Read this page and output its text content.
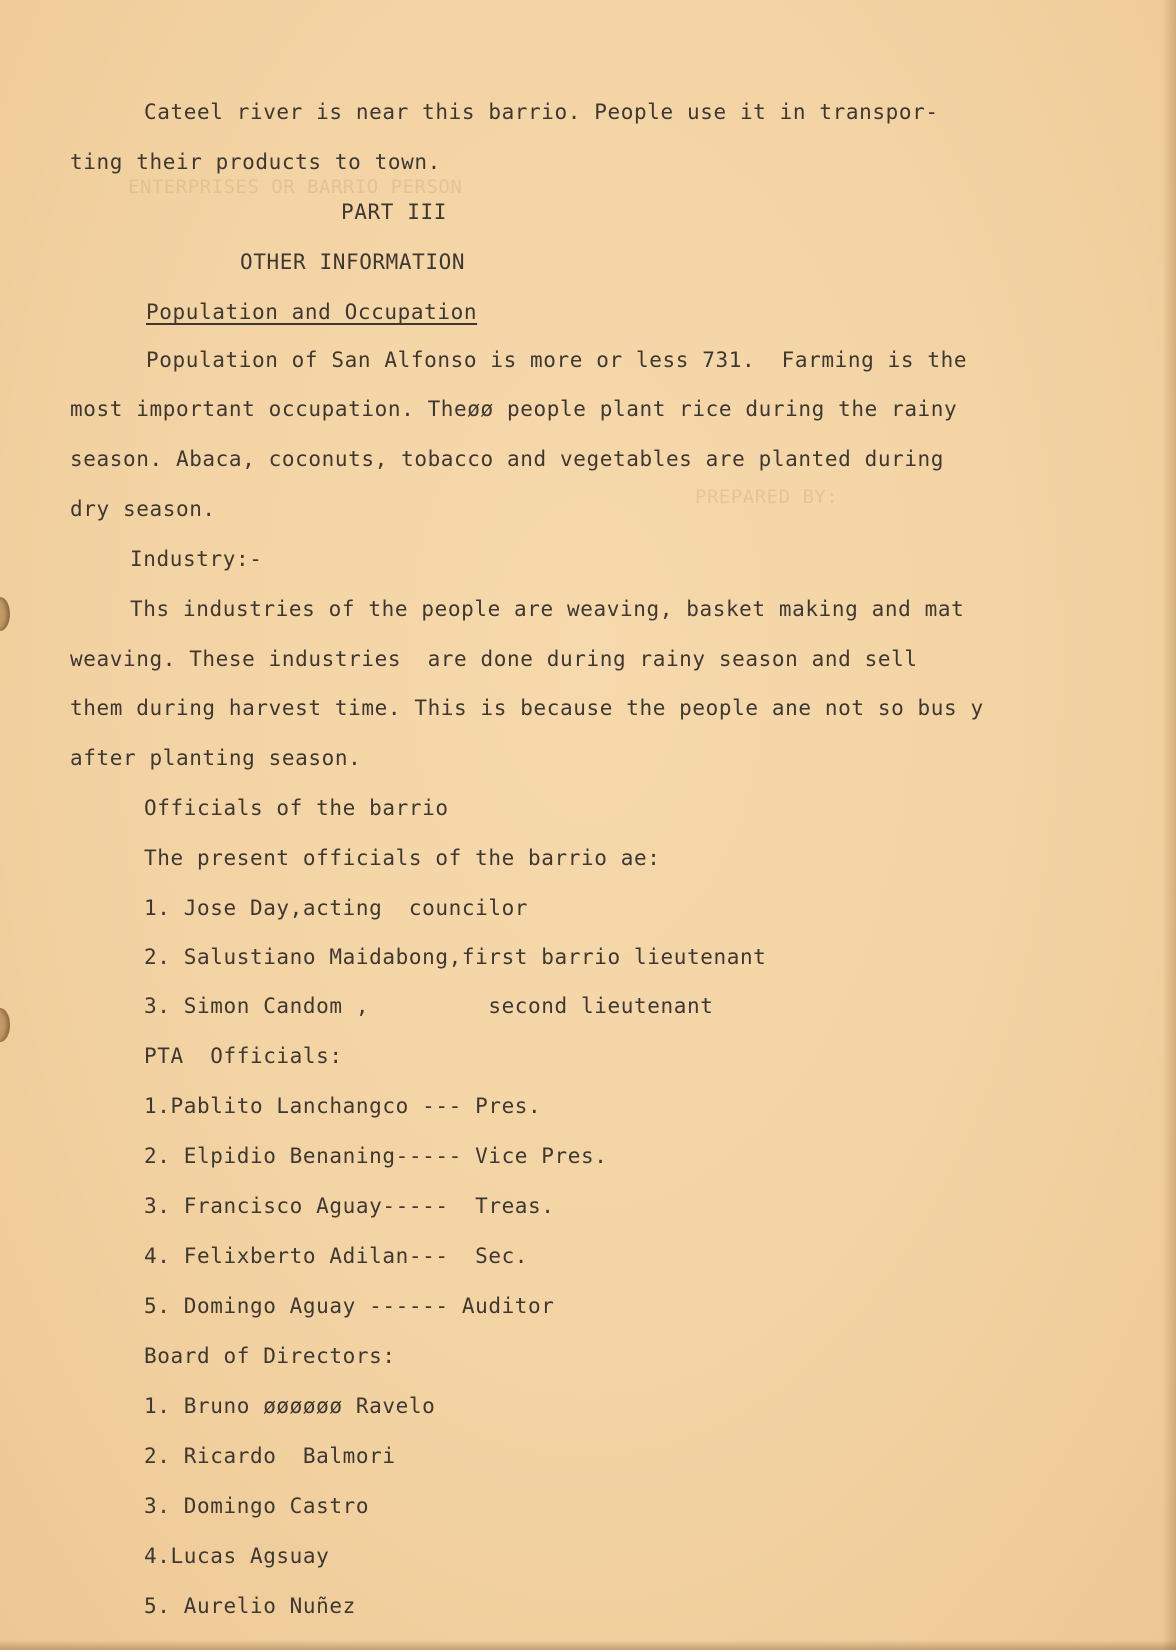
ENTERPRISES OR BARRIO PERSON
PREPARED BY:
Cateel river is near this barrio. People use it in transpor-
ting their products to town.
PART III
OTHER INFORMATION
Population and Occupation
Population of San Alfonso is more or less 731.  Farming is the
most important occupation. Theøø people plant rice during the rainy
season. Abaca, coconuts, tobacco and vegetables are planted during
dry season.
Industry:-
Ths industries of the people are weaving, basket making and mat
weaving. These industries  are done during rainy season and sell
them during harvest time. This is because the people ane not so bus y
after planting season.
Officials of the barrio
The present officials of the barrio ae:
1. Jose Day,acting  councilor
2. Salustiano Maidabong,first barrio lieutenant
3. Simon Candom ,         second lieutenant
PTA  Officials:
1.Pablito Lanchangco --- Pres.
2. Elpidio Benaning----- Vice Pres.
3. Francisco Aguay-----  Treas.
4. Felixberto Adilan---  Sec.
5. Domingo Aguay ------ Auditor
Board of Directors:
1. Bruno øøøøøø Ravelo
2. Ricardo  Balmori
3. Domingo Castro
4.Lucas Agsuay
5. Aurelio Nuñez
